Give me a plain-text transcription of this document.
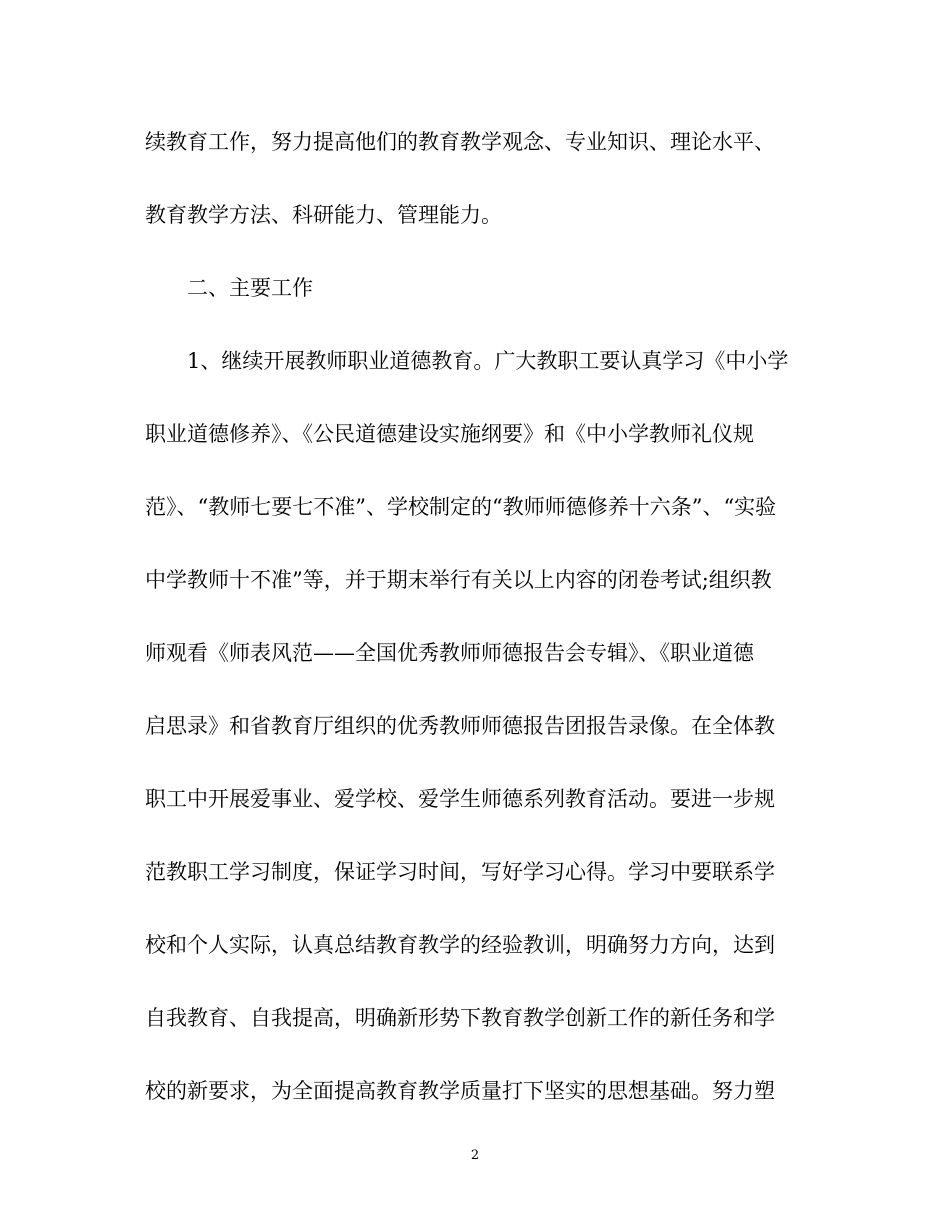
续教育工作，努力提高他们的教育教学观念、专业知识、理论水平、
教育教学方法、科研能力、管理能力。
二、主要工作
1、继续开展教师职业道德教育。广大教职工要认真学习《中小学
职业道德修养》、《公民道德建设实施纲要》和《中小学教师礼仪规
范》、“教师七要七不准”、学校制定的“教师师德修养十六条”、“实验
中学教师十不准”等，并于期末举行有关以上内容的闭卷考试;组织教
师观看《师表风范——全国优秀教师师德报告会专辑》、《职业道德
启思录》和省教育厅组织的优秀教师师德报告团报告录像。在全体教
职工中开展爱事业、爱学校、爱学生师德系列教育活动。要进一步规
范教职工学习制度，保证学习时间，写好学习心得。学习中要联系学
校和个人实际，认真总结教育教学的经验教训，明确努力方向，达到
自我教育、自我提高，明确新形势下教育教学创新工作的新任务和学
校的新要求，为全面提高教育教学质量打下坚实的思想基础。努力塑
2
